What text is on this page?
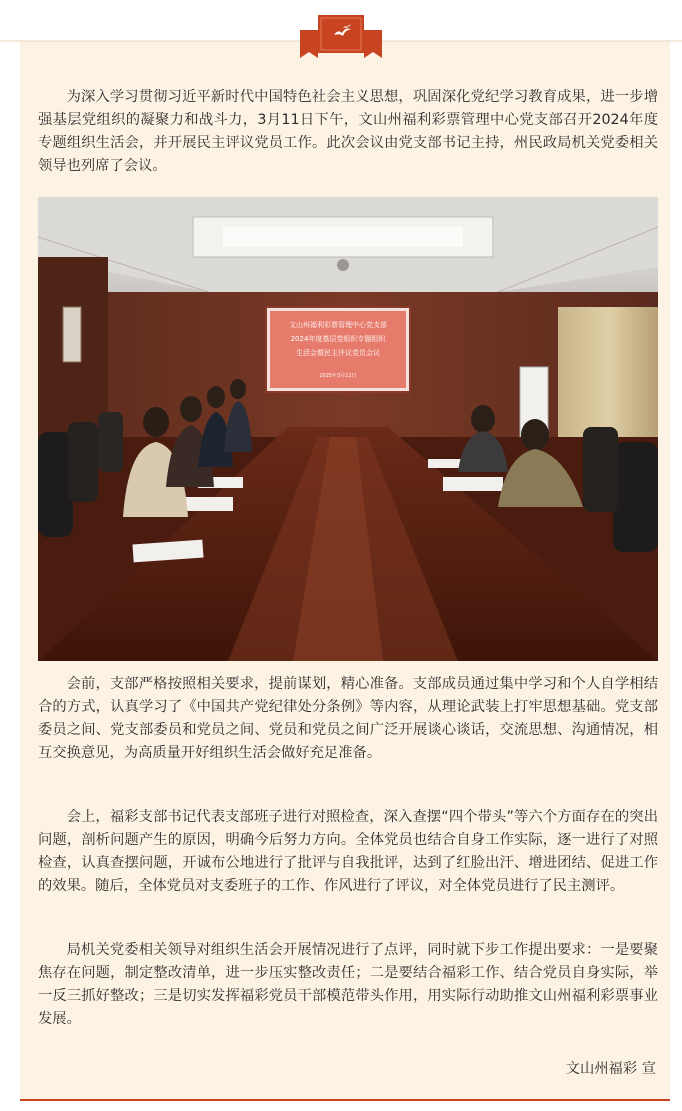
为深入学习贯彻习近平新时代中国特色社会主义思想，巩固深化党纪学习教育成果，进一步增强基层党组织的凝聚力和战斗力，3月11日下午，文山州福利彩票管理中心党支部召开2024年度专题组织生活会，并开展民主评议党员工作。此次会议由党支部书记主持，州民政局机关党委相关领导也列席了会议。

文山州福利彩票管理中心党支部
2024年度基层党组织专题组织
生活会暨民主评议党员会议
2025年3月11日

会前，支部严格按照相关要求，提前谋划，精心准备。支部成员通过集中学习和个人自学相结合的方式，认真学习了《中国共产党纪律处分条例》等内容，从理论武装上打牢思想基础。党支部委员之间、党支部委员和党员之间、党员和党员之间广泛开展谈心谈话，交流思想、沟通情况，相互交换意见，为高质量开好组织生活会做好充足准备。

会上，福彩支部书记代表支部班子进行对照检查，深入查摆“四个带头”等六个方面存在的突出问题，剖析问题产生的原因，明确今后努力方向。全体党员也结合自身工作实际，逐一进行了对照检查，认真查摆问题，开诚布公地进行了批评与自我批评，达到了红脸出汗、增进团结、促进工作的效果。随后，全体党员对支委班子的工作、作风进行了评议，对全体党员进行了民主测评。

局机关党委相关领导对组织生活会开展情况进行了点评，同时就下步工作提出要求：一是要聚焦存在问题，制定整改清单，进一步压实整改责任；二是要结合福彩工作、结合党员自身实际，举一反三抓好整改；三是切实发挥福彩党员干部模范带头作用，用实际行动助推文山州福利彩票事业发展。

文山州福彩 宣
